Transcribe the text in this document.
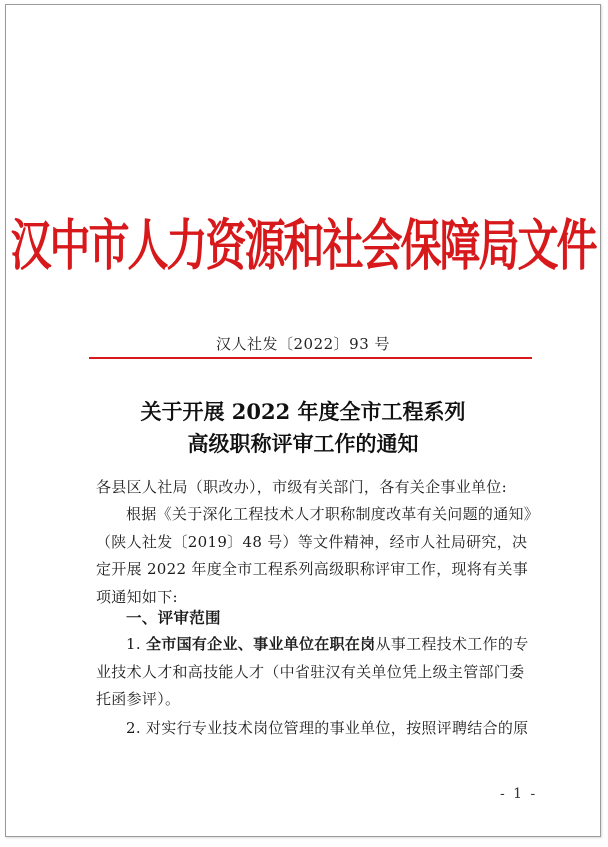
汉中市人力资源和社会保障局文件
汉人社发〔2022〕93 号
关于开展 2022 年度全市工程系列
高级职称评审工作的通知
各县区人社局（职改办），市级有关部门，各有关企事业单位:
根据《关于深化工程技术人才职称制度改革有关问题的通知》（陕人社发〔2019〕48 号）等文件精神，经市人社局研究，决定开展 2022 年度全市工程系列高级职称评审工作，现将有关事项通知如下:
一、评审范围
1. 全市国有企业、事业单位在职在岗从事工程技术工作的专业技术人才和高技能人才（中省驻汉有关单位凭上级主管部门委托函参评）。
2. 对实行专业技术岗位管理的事业单位，按照评聘结合的原
- 1 -
